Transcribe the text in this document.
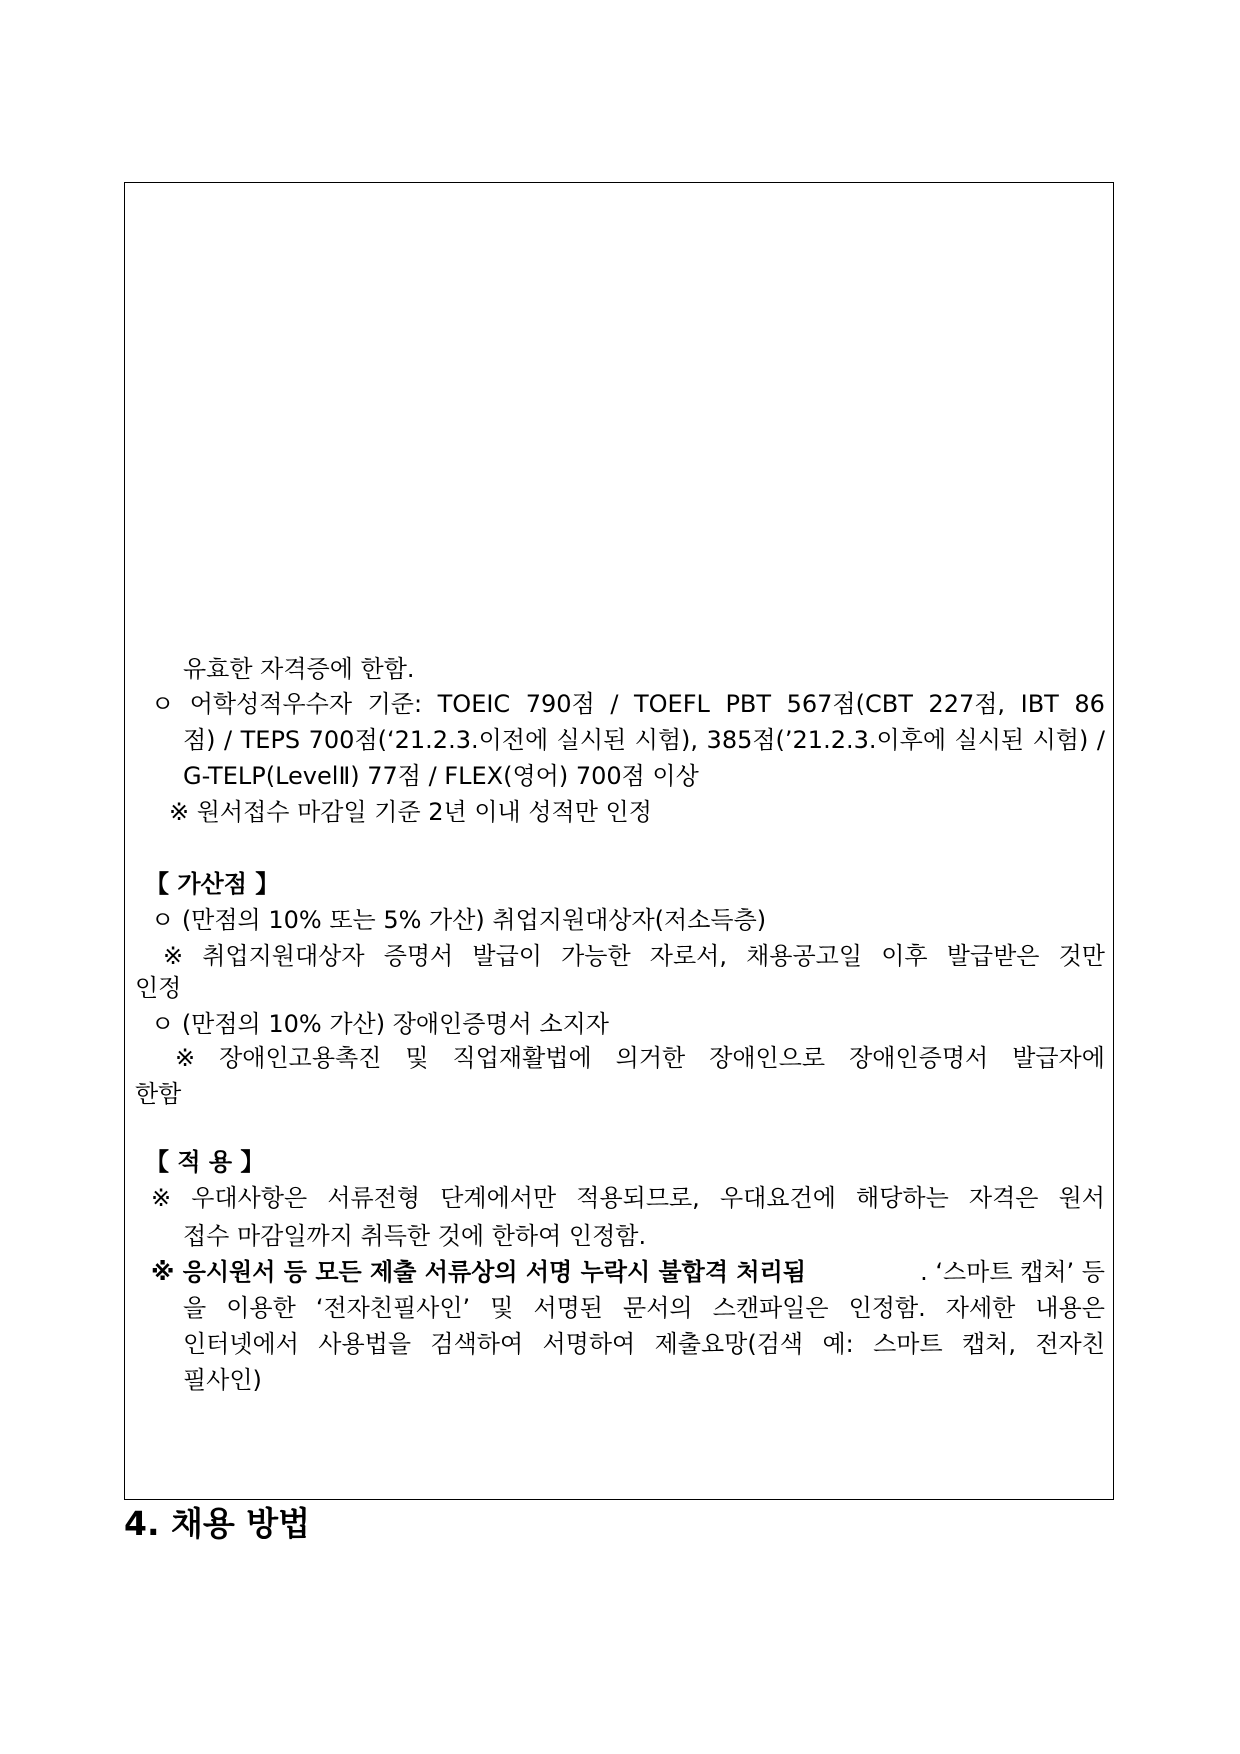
유효한 자격증에 한함.
ㅇ 어학성적우수자 기준: TOEIC 790점 / TOEFL PBT 567점(CBT 227점, IBT 86
점) / TEPS 700점(‘21.2.3.이전에 실시된 시험), 385점(’21.2.3.이후에 실시된 시험) /
G-TELP(LevelⅡ) 77점 / FLEX(영어) 700점 이상
※ 원서접수 마감일 기준 2년 이내 성적만 인정
【 가산점 】
ㅇ (만점의 10% 또는 5% 가산) 취업지원대상자(저소득층)
※ 취업지원대상자 증명서 발급이 가능한 자로서, 채용공고일 이후 발급받은 것만
인정
ㅇ (만점의 10% 가산) 장애인증명서 소지자
※ 장애인고용촉진 및 직업재활법에 의거한 장애인으로 장애인증명서 발급자에
한함
【 적 용 】
※ 우대사항은 서류전형 단계에서만 적용되므로, 우대요건에 해당하는 자격은 원서
접수 마감일까지 취득한 것에 한하여 인정함.
※ 응시원서 등 모든 제출 서류상의 서명 누락시 불합격 처리됨	. ‘스마트 캡처’ 등
을 이용한 ‘전자친필사인’ 및 서명된 문서의 스캔파일은 인정함. 자세한 내용은
인터넷에서 사용법을 검색하여 서명하여 제출요망(검색 예: 스마트 캡처, 전자친
필사인)
4. 채용 방법
